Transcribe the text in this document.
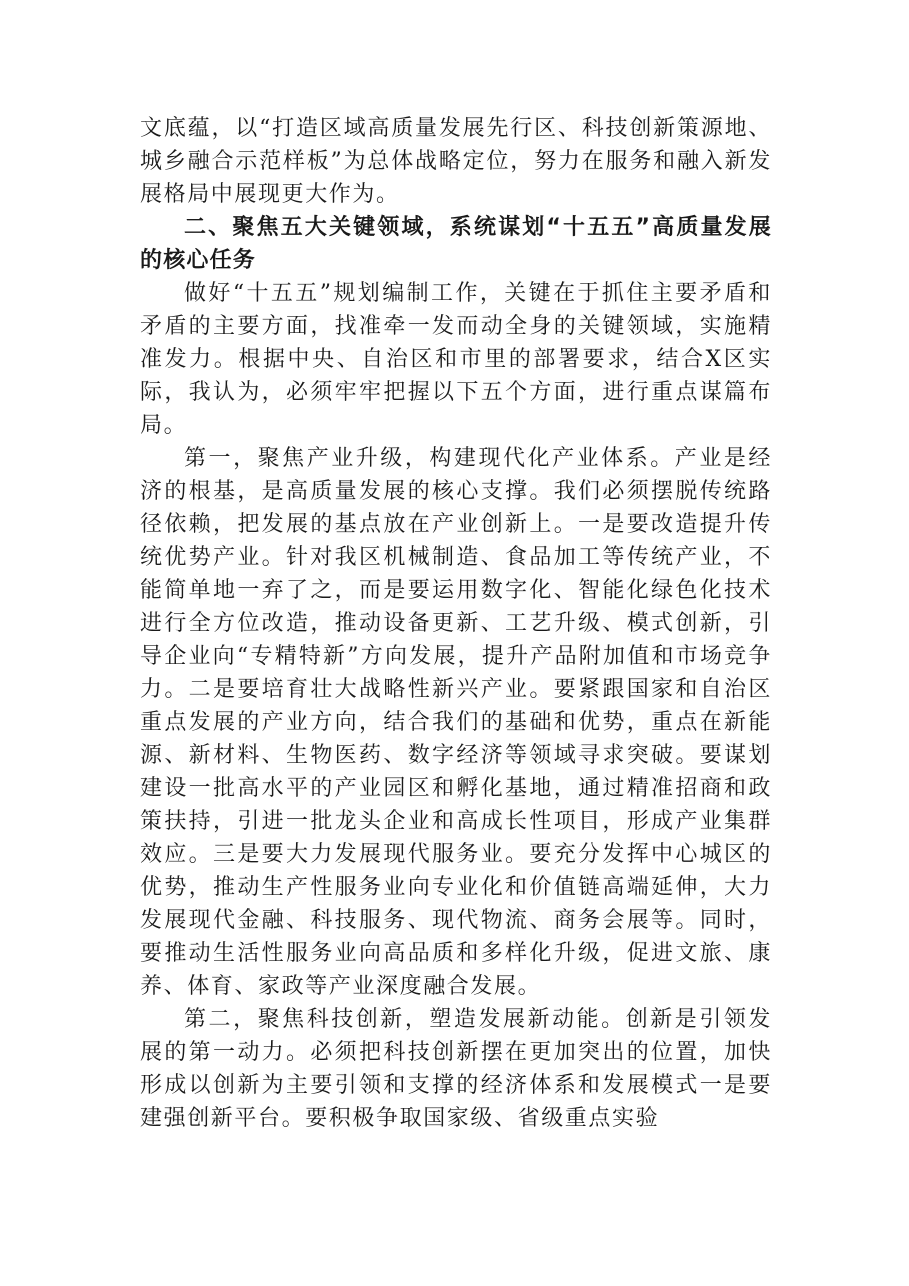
文底蕴，以“打造区域高质量发展先行区、科技创新策源地、城乡融合示范样板”为总体战略定位，努力在服务和融入新发展格局中展现更大作为。

二、聚焦五大关键领域，系统谋划“十五五”高质量发展的核心任务

做好“十五五”规划编制工作，关键在于抓住主要矛盾和矛盾的主要方面，找准牵一发而动全身的关键领域，实施精准发力。根据中央、自治区和市里的部署要求，结合X区实际，我认为，必须牢牢把握以下五个方面，进行重点谋篇布局。

第一，聚焦产业升级，构建现代化产业体系。产业是经济的根基，是高质量发展的核心支撑。我们必须摆脱传统路径依赖，把发展的基点放在产业创新上。一是要改造提升传统优势产业。针对我区机械制造、食品加工等传统产业，不能简单地一弃了之，而是要运用数字化、智能化绿色化技术进行全方位改造，推动设备更新、工艺升级、模式创新，引导企业向“专精特新”方向发展，提升产品附加值和市场竞争力。二是要培育壮大战略性新兴产业。要紧跟国家和自治区重点发展的产业方向，结合我们的基础和优势，重点在新能源、新材料、生物医药、数字经济等领域寻求突破。要谋划建设一批高水平的产业园区和孵化基地，通过精准招商和政策扶持，引进一批龙头企业和高成长性项目，形成产业集群效应。三是要大力发展现代服务业。要充分发挥中心城区的优势，推动生产性服务业向专业化和价值链高端延伸，大力发展现代金融、科技服务、现代物流、商务会展等。同时，要推动生活性服务业向高品质和多样化升级，促进文旅、康养、体育、家政等产业深度融合发展。

第二，聚焦科技创新，塑造发展新动能。创新是引领发展的第一动力。必须把科技创新摆在更加突出的位置，加快形成以创新为主要引领和支撑的经济体系和发展模式一是要建强创新平台。要积极争取国家级、省级重点实验
